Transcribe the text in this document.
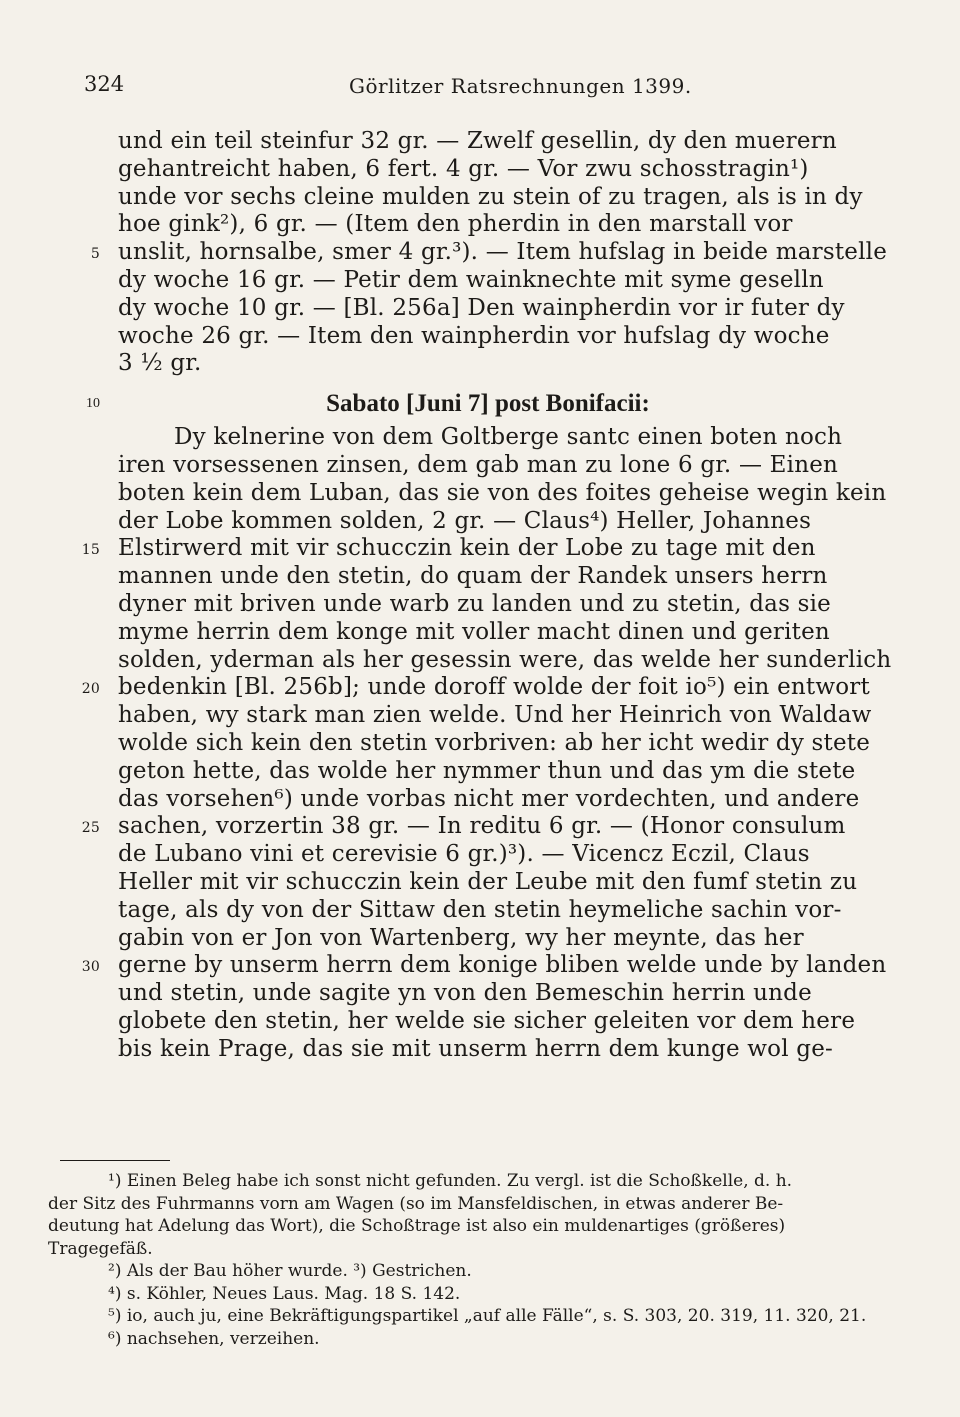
324	Görlitzer Ratsrechnungen 1399.
und ein teil steinfur 32 gr. — Zwelf gesellin, dy den muerern
gehantreicht haben, 6 fert. 4 gr. — Vor zwu schosstragin¹)
unde vor sechs cleine mulden zu stein of zu tragen, als is in dy
hoe gink²), 6 gr. — (Item den pherdin in den marstall vor
5 unslit, hornsalbe, smer 4 gr.³). — Item hufslag in beide marstelle
dy woche 16 gr. — Petir dem wainknechte mit syme geselln
dy woche 10 gr. — [Bl. 256a] Den wainpherdin vor ir futer dy
woche 26 gr. — Item den wainpherdin vor hufslag dy woche
3 ½ gr.
10	Sabato [Juni 7] post Bonifacii:
Dy kelnerine von dem Goltberge santc einen boten noch
iren vorsessenen zinsen, dem gab man zu lone 6 gr. — Einen
boten kein dem Luban, das sie von des foites geheise wegin kein
der Lobe kommen solden, 2 gr. — Claus⁴) Heller, Johannes
15 Elstirwerd mit vir schucczin kein der Lobe zu tage mit den
mannen unde den stetin, do quam der Randek unsers herrn
dyner mit briven unde warb zu landen und zu stetin, das sie
myme herrin dem konge mit voller macht dinen und geriten
solden, yderman als her gesessin were, das welde her sunderlich
20 bedenkin [Bl. 256b]; unde doroff wolde der foit io⁵) ein entwort
haben, wy stark man zien welde. Und her Heinrich von Waldaw
wolde sich kein den stetin vorbriven: ab her icht wedir dy stete
geton hette, das wolde her nymmer thun und das ym die stete
das vorsehen⁶) unde vorbas nicht mer vordechten, und andere
25 sachen, vorzertin 38 gr. — In reditu 6 gr. — (Honor consulum
de Lubano vini et cerevisie 6 gr.)³). — Vicencz Eczil, Claus
Heller mit vir schucczin kein der Leube mit den fumf stetin zu
tage, als dy von der Sittaw den stetin heymeliche sachin vor-
gabin von er Jon von Wartenberg, wy her meynte, das her
30 gerne by unserm herrn dem konige bliben welde unde by landen
und stetin, unde sagite yn von den Bemeschin herrin unde
globete den stetin, her welde sie sicher geleiten vor dem here
bis kein Prage, das sie mit unserm herrn dem kunge wol ge-
¹) Einen Beleg habe ich sonst nicht gefunden. Zu vergl. ist die Schoßkelle, d. h.
der Sitz des Fuhrmanns vorn am Wagen (so im Mansfeldischen, in etwas anderer Be-
deutung hat Adelung das Wort), die Schoßtrage ist also ein muldenartiges (größeres)
Tragegefäß.
²) Als der Bau höher wurde. ³) Gestrichen.
⁴) s. Köhler, Neues Laus. Mag. 18 S. 142.
⁵) io, auch ju, eine Bekräftigungspartikel „auf alle Fälle“, s. S. 303, 20. 319, 11. 320, 21.
⁶) nachsehen, verzeihen.
